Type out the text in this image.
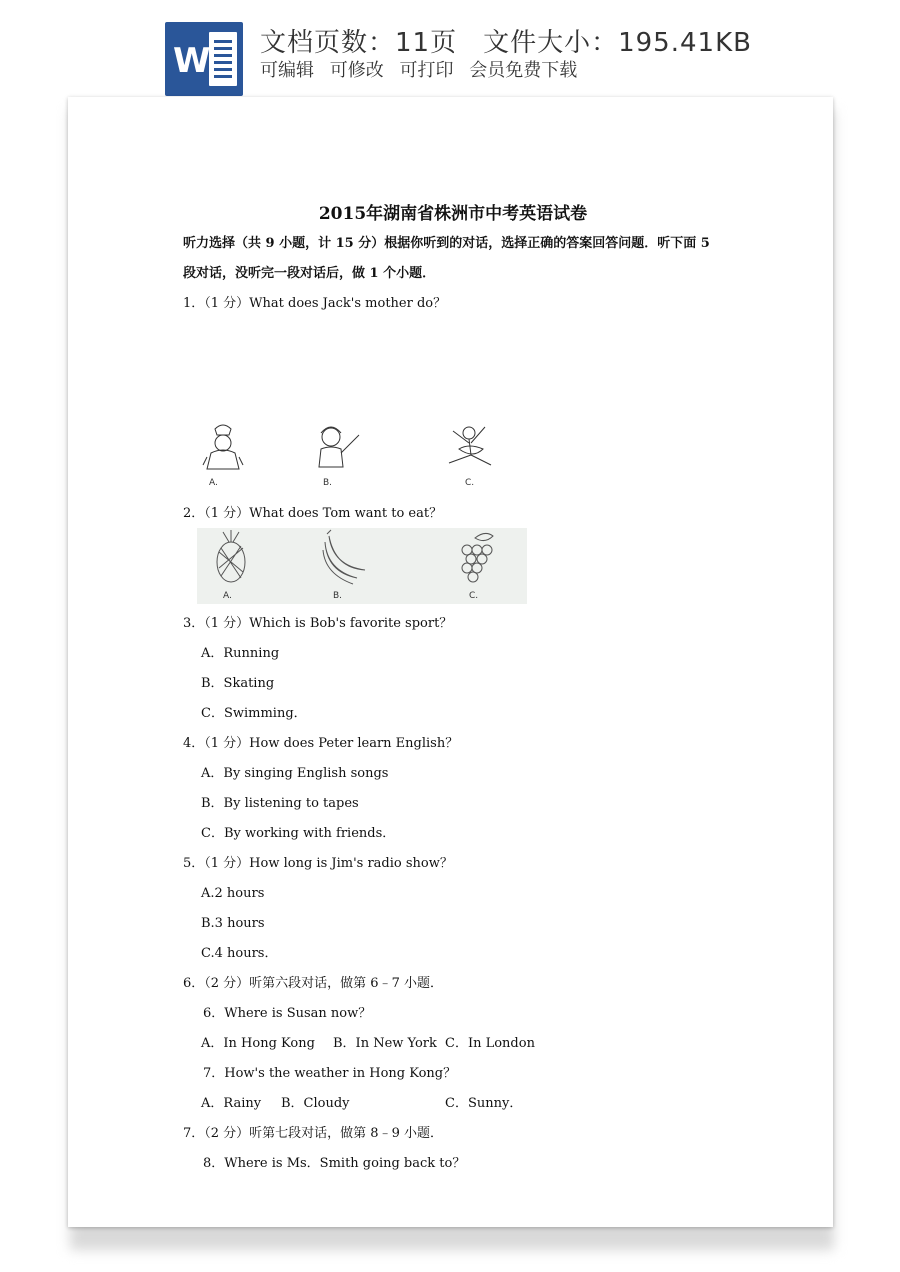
W 文档页数：11页 文件大小：195.41KB
可编辑 可修改 可打印 会员免费下载
2015年湖南省株洲市中考英语试卷
听力选择（共 9 小题，计 15 分）根据你听到的对话，选择正确的答案回答问题．听下面 5
段对话，没听完一段对话后，做 1 个小题．
1．（1 分）What does Jack's mother do？
A.	B.	C.
2．（1 分）What does Tom want to eat？
A.	B.	C.
3．（1 分）Which is Bob's favorite sport？
A．Running
B．Skating
C．Swimming．
4．（1 分）How does Peter learn English？
A．By singing English songs
B．By listening to tapes
C．By working with friends．
5．（1 分）How long is Jim's radio show？
A.2 hours
B.3 hours
C.4 hours．
6．（2 分）听第六段对话，做第 6﹣7 小题．
6．Where is Susan now？
A．In Hong Kong B．In New York C．In London
7．How's the weather in Hong Kong？
A．Rainy B．Cloudy	C．Sunny．
7．（2 分）听第七段对话，做第 8﹣9 小题．
8．Where is Ms．Smith going back to？
